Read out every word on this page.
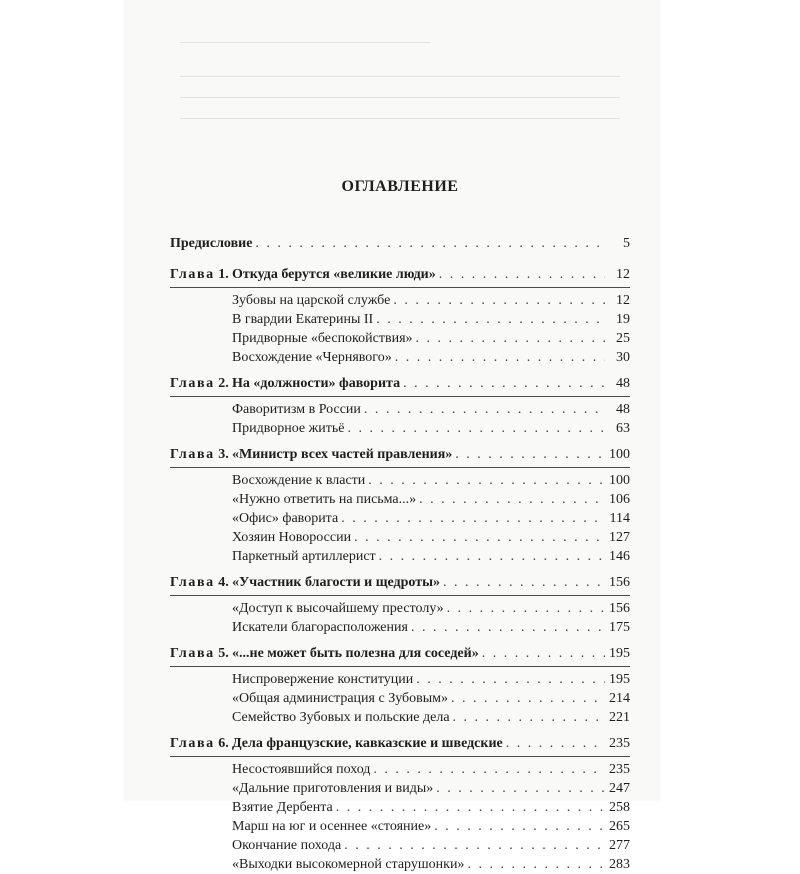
ОГЛАВЛЕНИЕ
Предисловие . . .	5
Глава 1. Откуда берутся «великие люди» . . .	12
Зубовы на царской службе . . .	12
В гвардии Екатерины II . . .	19
Придворные «беспокойствия» . . .	25
Восхождение «Чернявого» . . .	30
Глава 2. На «должности» фаворита . . .	48
Фаворитизм в России . . .	48
Придворное житьё . . .	63
Глава 3. «Министр всех частей правления» . . .	100
Восхождение к власти . . .	100
«Нужно ответить на письма...» . . .	106
«Офис» фаворита . . .	114
Хозяин Новороссии . . .	127
Паркетный артиллерист . . .	146
Глава 4. «Участник благости и щедроты» . . .	156
«Доступ к высочайшему престолу» . . .	156
Искатели благорасположения . . .	175
Глава 5. «...не может быть полезна для соседей» . . .	195
Ниспровержение конституции . . .	195
«Общая администрация с Зубовым» . . .	214
Семейство Зубовых и польские дела . . .	221
Глава 6. Дела французские, кавказские и шведские . . .	235
Несостоявшийся поход . . .	235
«Дальние приготовления и виды» . . .	247
Взятие Дербента . . .	258
Марш на юг и осеннее «стояние» . . .	265
Окончание похода . . .	277
«Выходки высокомерной старушонки» . . .	283
